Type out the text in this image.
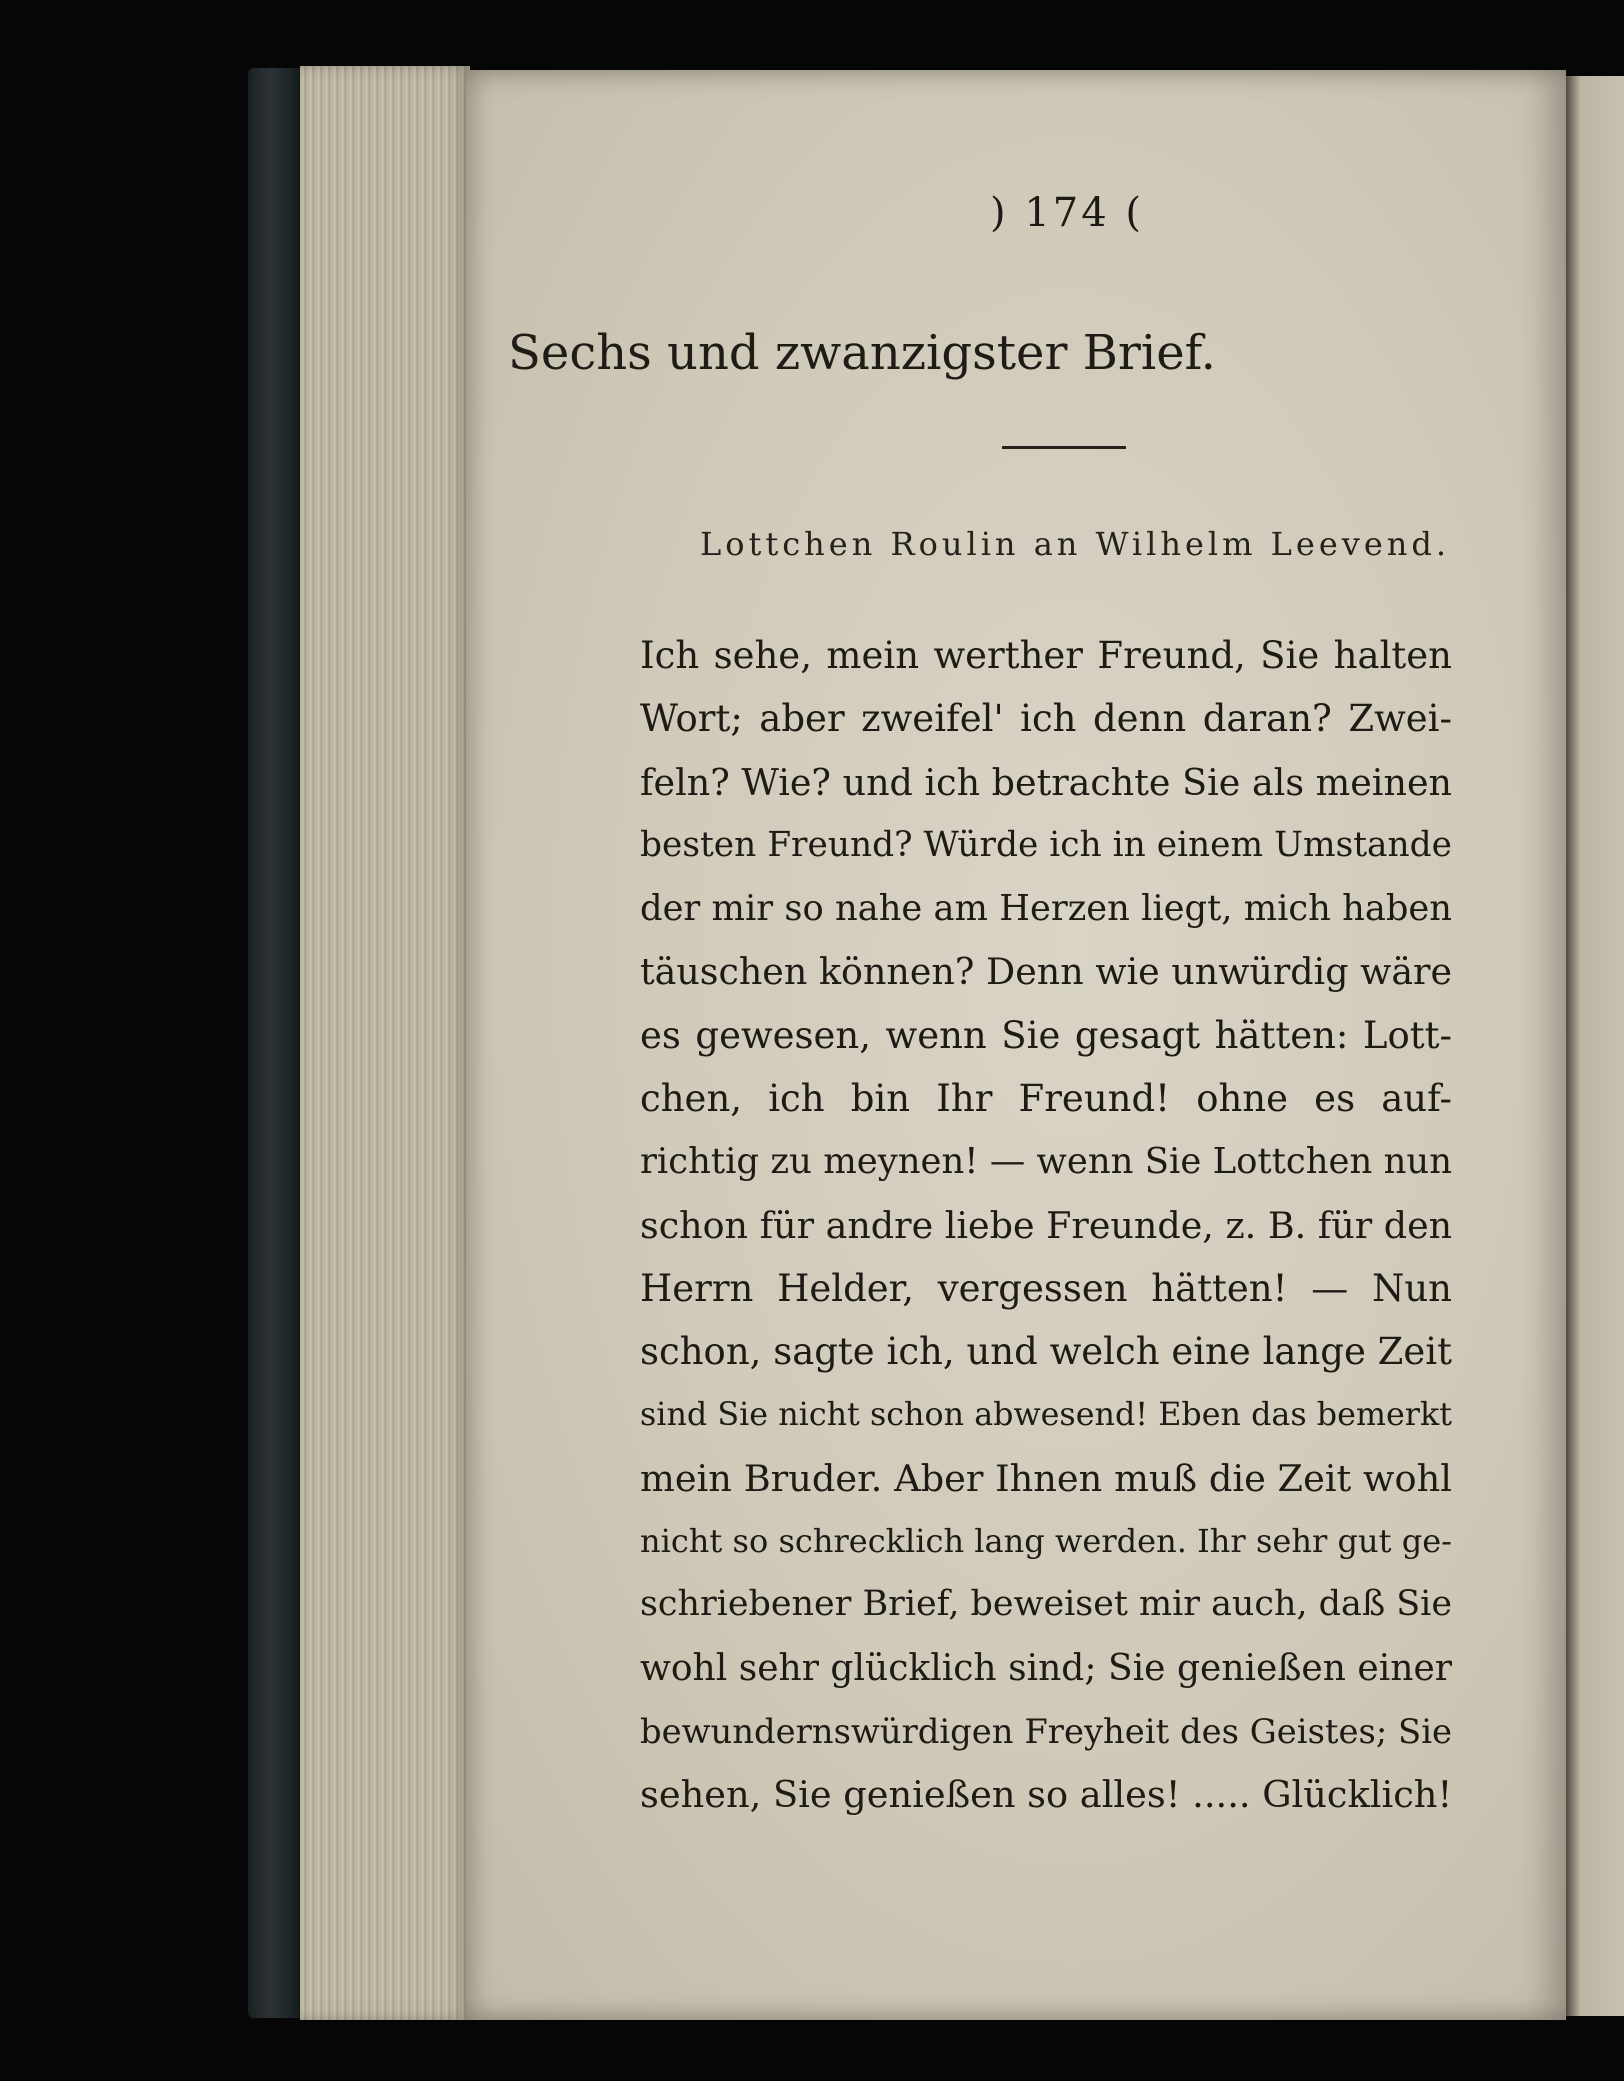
) 174 (
Sechs und zwanzigster Brief.
Lottchen Roulin an Wilhelm Leevend.
Ich sehe, mein werther Freund, Sie halten
Wort; aber zweifel' ich denn daran? Zwei-
feln? Wie? und ich betrachte Sie als meinen
besten Freund? Würde ich in einem Umstande
der mir so nahe am Herzen liegt, mich haben
täuschen können? Denn wie unwürdig wäre
es gewesen, wenn Sie gesagt hätten: Lott-
chen, ich bin Ihr Freund! ohne es auf-
richtig zu meynen! — wenn Sie Lottchen nun
schon für andre liebe Freunde, z. B. für den
Herrn Helder, vergessen hätten! — Nun
schon, sagte ich, und welch eine lange Zeit
sind Sie nicht schon abwesend! Eben das bemerkt
mein Bruder. Aber Ihnen muß die Zeit wohl
nicht so schrecklich lang werden. Ihr sehr gut ge-
schriebener Brief, beweiset mir auch, daß Sie
wohl sehr glücklich sind; Sie genießen einer
bewundernswürdigen Freyheit des Geistes; Sie
sehen, Sie genießen so alles! ..... Glücklich!
